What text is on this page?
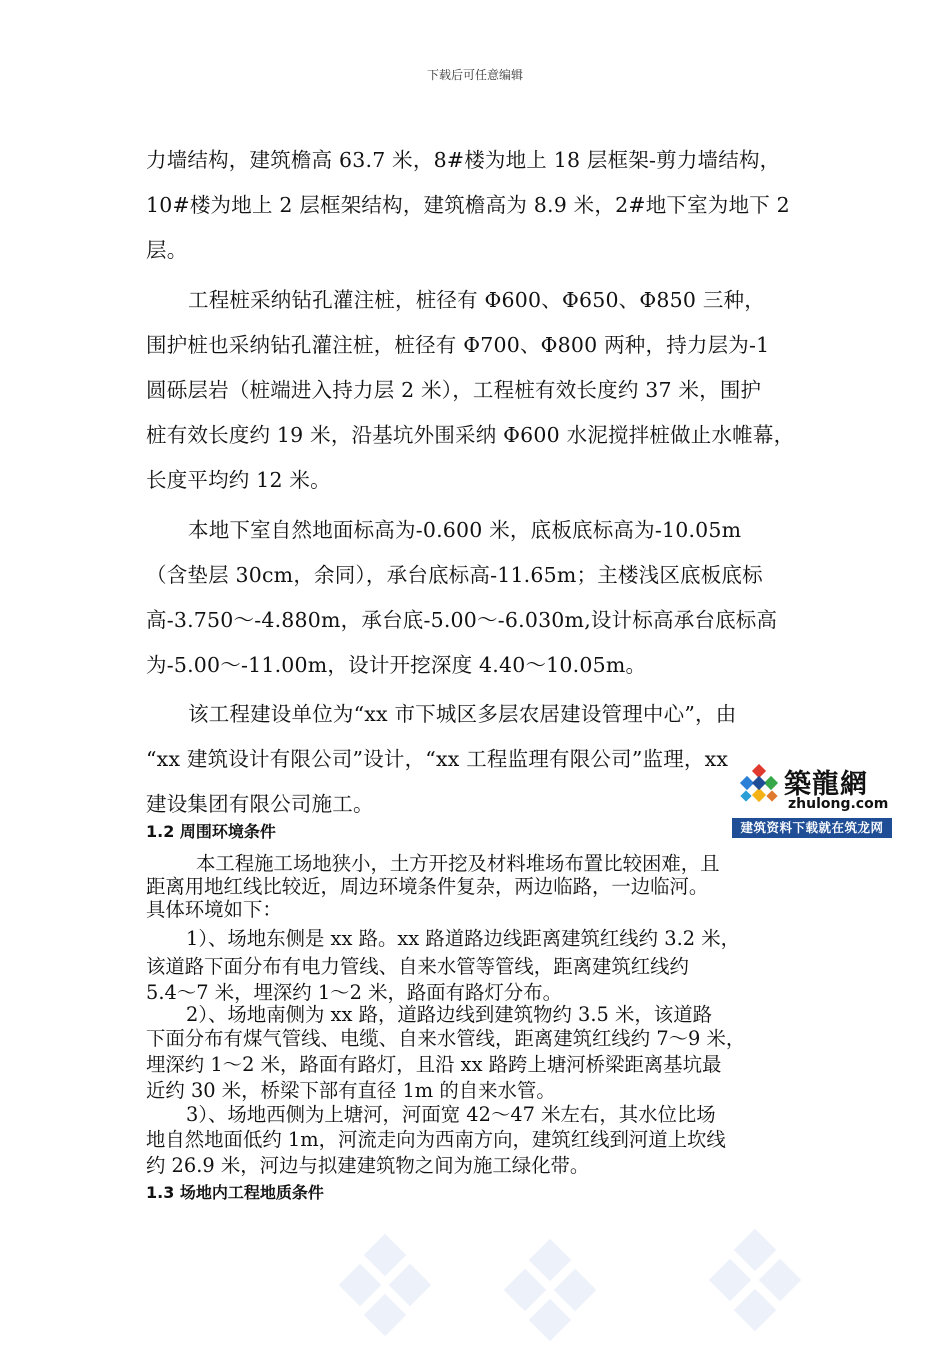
下载后可任意编辑
力墙结构，建筑檐高 63.7 米，8#楼为地上 18 层框架-剪力墙结构，
10#楼为地上 2 层框架结构，建筑檐高为 8.9 米，2#地下室为地下 2
层。
工程桩采纳钻孔灌注桩，桩径有 Φ600、Φ650、Φ850 三种，
围护桩也采纳钻孔灌注桩，桩径有 Φ700、Φ800 两种，持力层为-1
圆砾层岩（桩端进入持力层 2 米），工程桩有效长度约 37 米，围护
桩有效长度约 19 米，沿基坑外围采纳 Φ600 水泥搅拌桩做止水帷幕，
长度平均约 12 米。
本地下室自然地面标高为-0.600 米，底板底标高为-10.05m
（含垫层 30cm，余同），承台底标高-11.65m；主楼浅区底板底标
高-3.750～-4.880m，承台底-5.00～-6.030m,设计标高承台底标高
为-5.00～-11.00m，设计开挖深度 4.40～10.05m。
该工程建设单位为“xx 市下城区多层农居建设管理中心”，由
“xx 建筑设计有限公司”设计，“xx 工程监理有限公司”监理，xx
建设集团有限公司施工。
築龍網
zhulong.com
建筑资料下载就在筑龙网
1.2 周围环境条件
本工程施工场地狭小，土方开挖及材料堆场布置比较困难，且
距离用地红线比较近，周边环境条件复杂，两边临路，一边临河。
具体环境如下：
1）、场地东侧是 xx 路。xx 路道路边线距离建筑红线约 3.2 米，
该道路下面分布有电力管线、自来水管等管线，距离建筑红线约
5.4～7 米，埋深约 1～2 米，路面有路灯分布。
2）、场地南侧为 xx 路，道路边线到建筑物约 3.5 米，该道路
下面分布有煤气管线、电缆、自来水管线，距离建筑红线约 7～9 米，
埋深约 1～2 米，路面有路灯，且沿 xx 路跨上塘河桥梁距离基坑最
近约 30 米，桥梁下部有直径 1m 的自来水管。
3）、场地西侧为上塘河，河面宽 42～47 米左右，其水位比场
地自然地面低约 1m，河流走向为西南方向，建筑红线到河道上坎线
约 26.9 米，河边与拟建建筑物之间为施工绿化带。
1.3 场地内工程地质条件
